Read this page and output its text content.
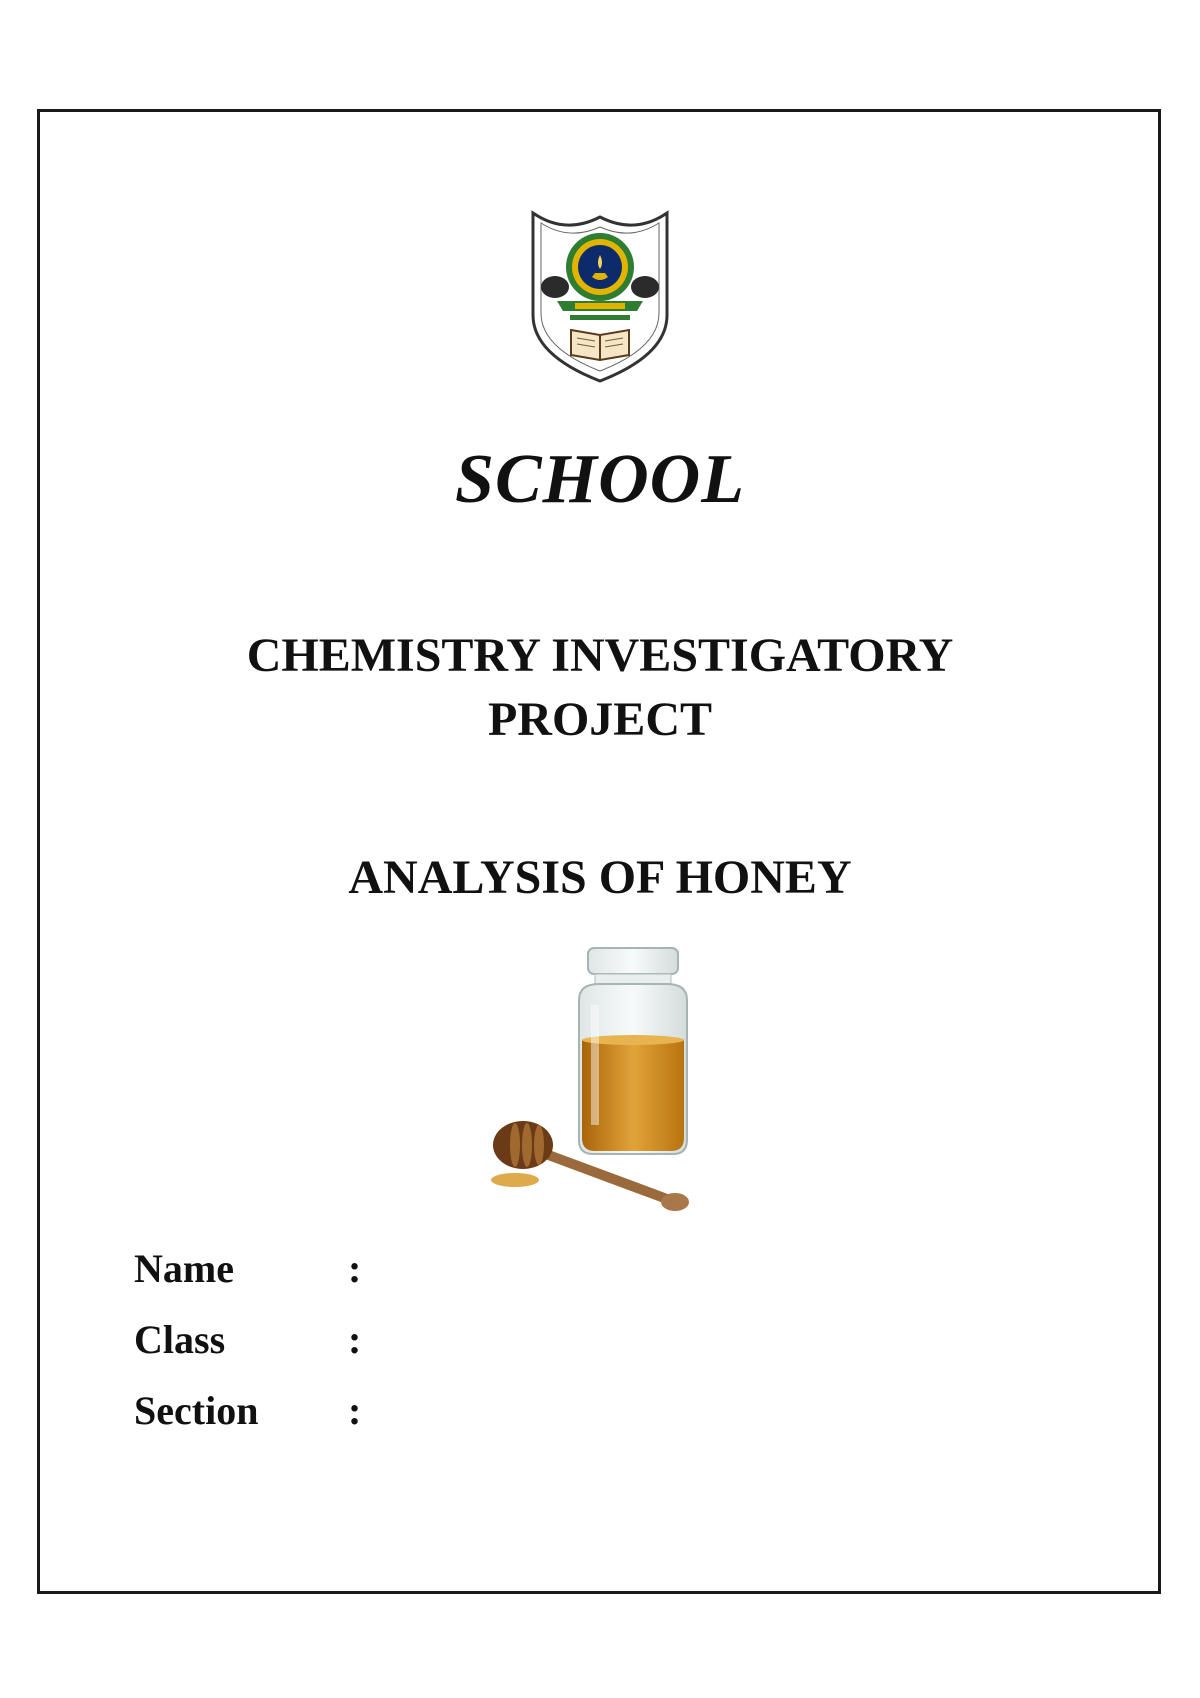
SCHOOL
CHEMISTRY INVESTIGATORY
PROJECT
ANALYSIS OF HONEY
Name	:
Class	:
Section :
